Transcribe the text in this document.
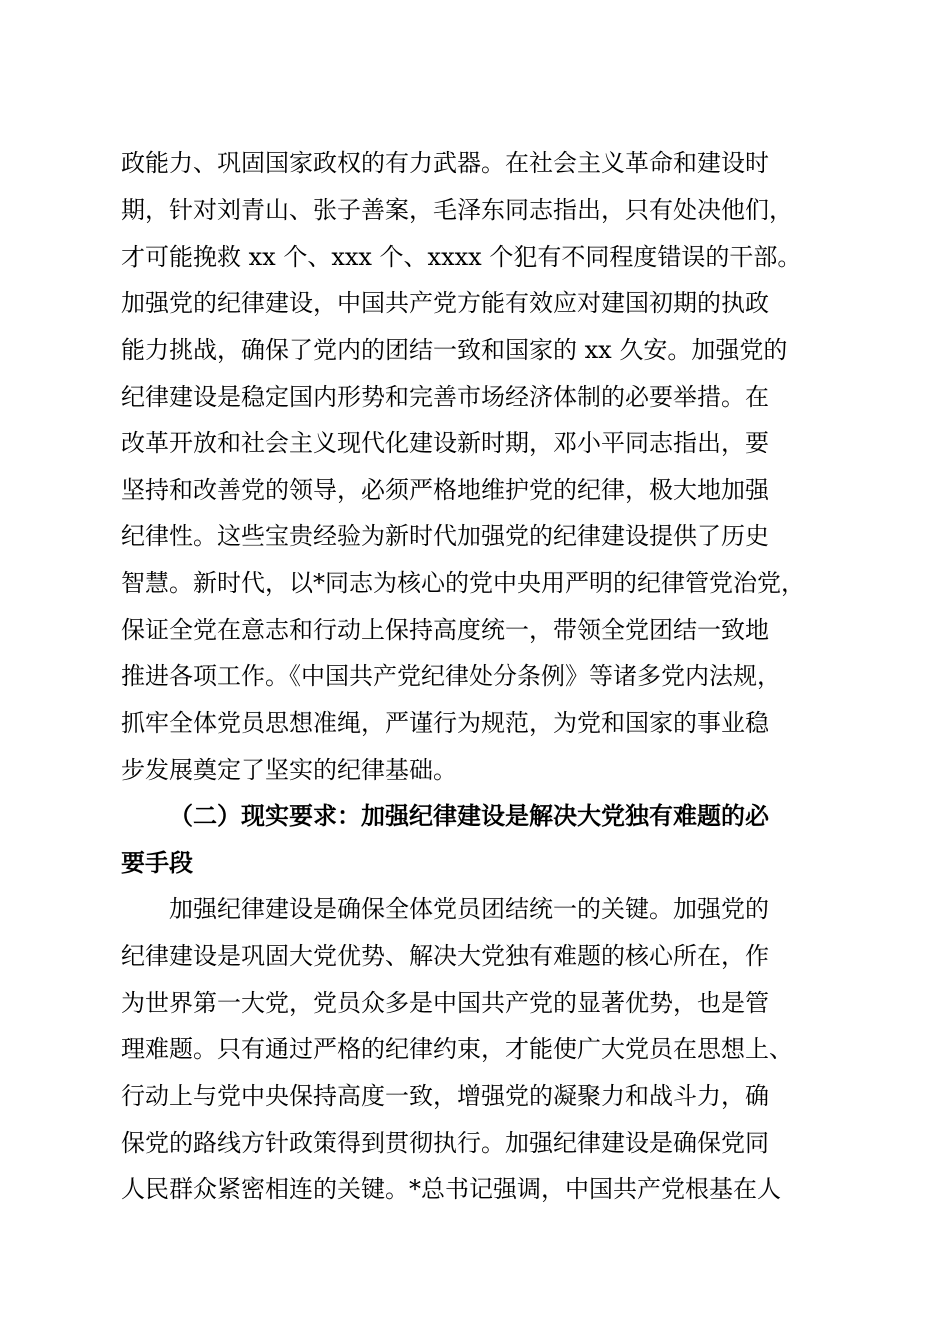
政能力、巩固国家政权的有力武器。在社会主义革命和建设时
期，针对刘青山、张子善案，毛泽东同志指出，只有处决他们，
才可能挽救 xx 个、xxx 个、xxxx 个犯有不同程度错误的干部。
加强党的纪律建设，中国共产党方能有效应对建国初期的执政
能力挑战，确保了党内的团结一致和国家的 xx 久安。加强党的
纪律建设是稳定国内形势和完善市场经济体制的必要举措。在
改革开放和社会主义现代化建设新时期，邓小平同志指出，要
坚持和改善党的领导，必须严格地维护党的纪律，极大地加强
纪律性。这些宝贵经验为新时代加强党的纪律建设提供了历史
智慧。新时代，以*同志为核心的党中央用严明的纪律管党治党，
保证全党在意志和行动上保持高度统一，带领全党团结一致地
推进各项工作。《中国共产党纪律处分条例》等诸多党内法规，
抓牢全体党员思想准绳，严谨行为规范，为党和国家的事业稳
步发展奠定了坚实的纪律基础。
（二）现实要求：加强纪律建设是解决大党独有难题的必
要手段
加强纪律建设是确保全体党员团结统一的关键。加强党的
纪律建设是巩固大党优势、解决大党独有难题的核心所在，作
为世界第一大党，党员众多是中国共产党的显著优势，也是管
理难题。只有通过严格的纪律约束，才能使广大党员在思想上、
行动上与党中央保持高度一致，增强党的凝聚力和战斗力，确
保党的路线方针政策得到贯彻执行。加强纪律建设是确保党同
人民群众紧密相连的关键。*总书记强调，中国共产党根基在人
